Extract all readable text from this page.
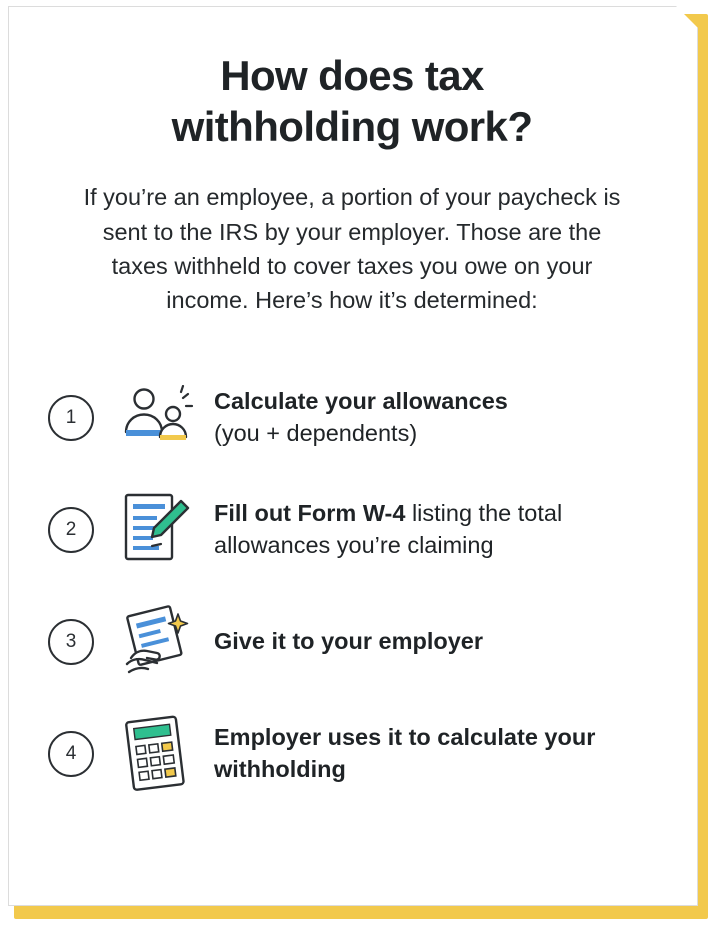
How does tax
withholding work?

If you’re an employee, a portion of your paycheck is sent to the IRS by your employer. Those are the taxes withheld to cover taxes you owe on your income. Here’s how it’s determined:

1
Calculate your allowances
(you + dependents)
2
Fill out Form W-4 listing the total allowances you’re claiming
3	Give it to your employer
4
Employer uses it to calculate your withholding
